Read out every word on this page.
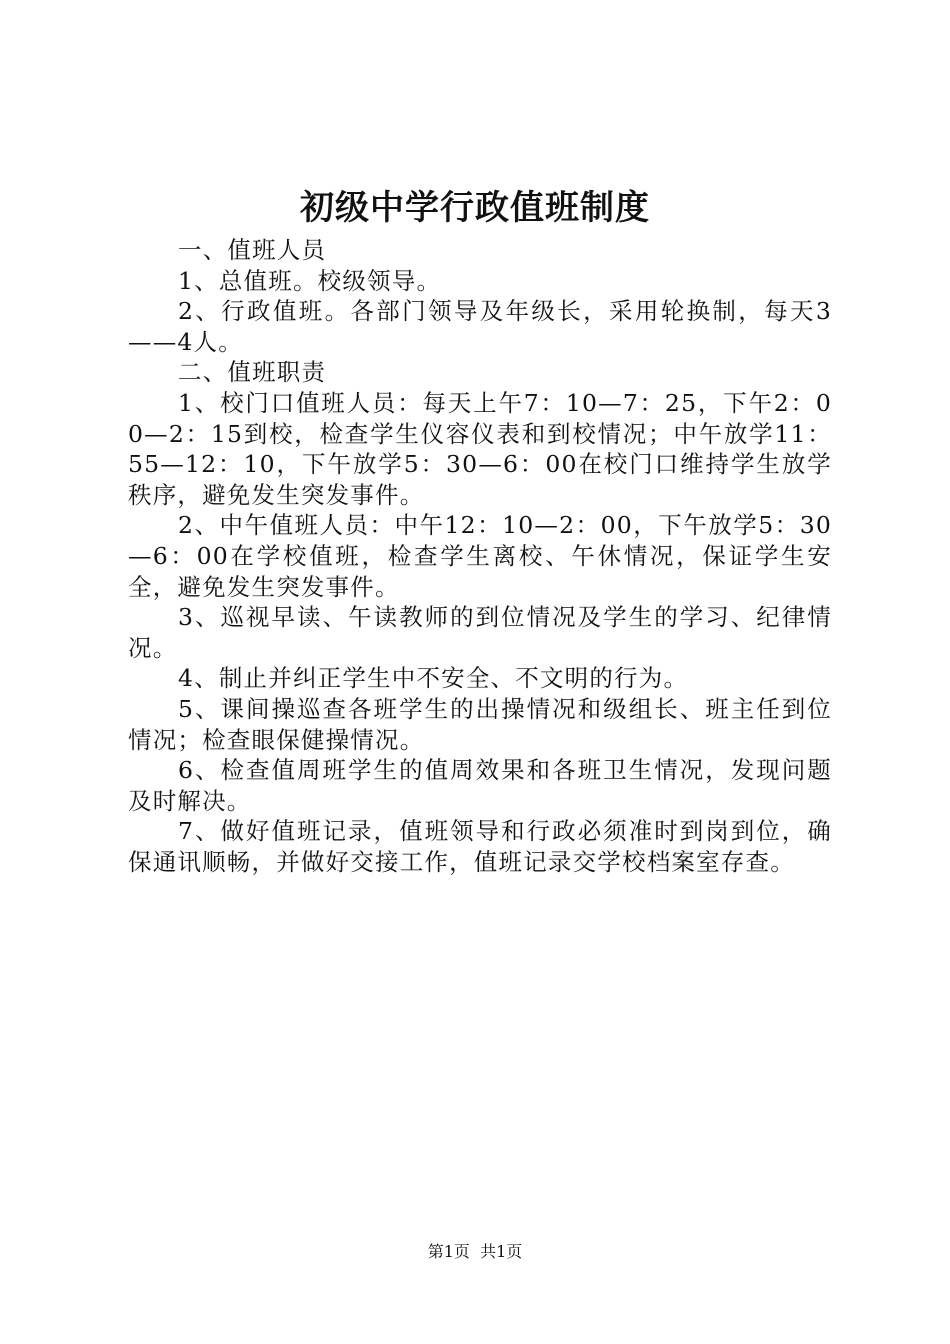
初级中学行政值班制度

一、值班人员

1、总值班。校级领导。

2、行政值班。各部门领导及年级长，采用轮换制，每天3——4人。

二、值班职责

1、校门口值班人员：每天上午7：10—7：25，下午2：00—2：15到校，检查学生仪容仪表和到校情况；中午放学11：55—12：10，下午放学5：30—6：00在校门口维持学生放学秩序，避免发生突发事件。

2、中午值班人员：中午12：10—2：00，下午放学5：30—6：00在学校值班，检查学生离校、午休情况，保证学生安全，避免发生突发事件。

3、巡视早读、午读教师的到位情况及学生的学习、纪律情况。

4、制止并纠正学生中不安全、不文明的行为。

5、课间操巡查各班学生的出操情况和级组长、班主任到位情况；检查眼保健操情况。

6、检查值周班学生的值周效果和各班卫生情况，发现问题及时解决。

7、做好值班记录，值班领导和行政必须准时到岗到位，确保通讯顺畅，并做好交接工作，值班记录交学校档案室存查。

第1页  共1页
